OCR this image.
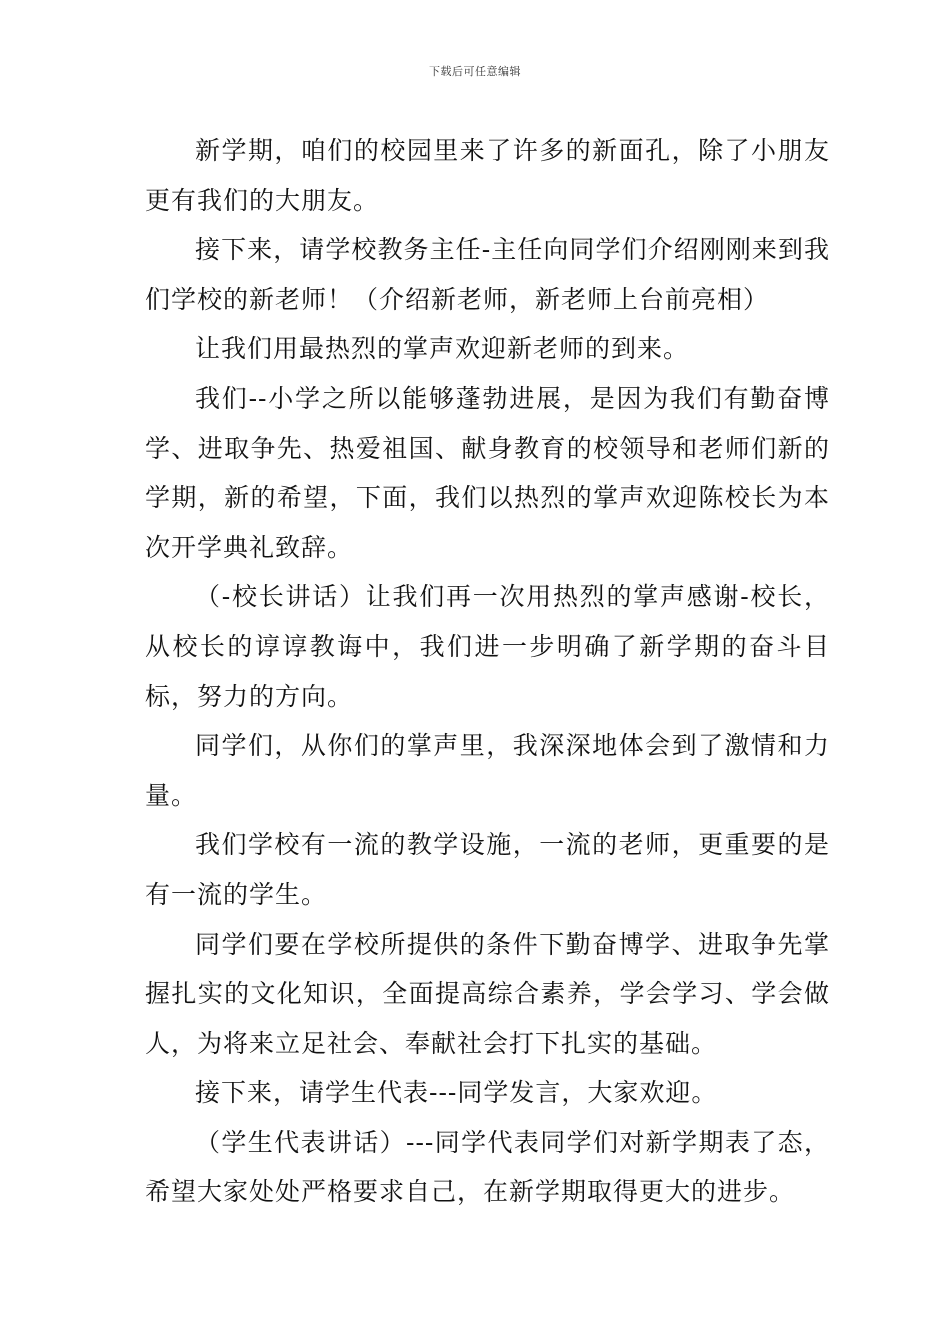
下载后可任意编辑

新学期，咱们的校园里来了许多的新面孔，除了小朋友更有我们的大朋友。

接下来，请学校教务主任-主任向同学们介绍刚刚来到我们学校的新老师！（介绍新老师，新老师上台前亮相）

让我们用最热烈的掌声欢迎新老师的到来。

我们--小学之所以能够蓬勃进展，是因为我们有勤奋博学、进取争先、热爱祖国、献身教育的校领导和老师们新的学期，新的希望，下面，我们以热烈的掌声欢迎陈校长为本次开学典礼致辞。

（-校长讲话）让我们再一次用热烈的掌声感谢-校长，从校长的谆谆教诲中，我们进一步明确了新学期的奋斗目标，努力的方向。

同学们，从你们的掌声里，我深深地体会到了激情和力量。

我们学校有一流的教学设施，一流的老师，更重要的是有一流的学生。

同学们要在学校所提供的条件下勤奋博学、进取争先掌握扎实的文化知识，全面提高综合素养，学会学习、学会做人，为将来立足社会、奉献社会打下扎实的基础。

接下来，请学生代表---同学发言，大家欢迎。

（学生代表讲话）---同学代表同学们对新学期表了态，希望大家处处严格要求自己，在新学期取得更大的进步。
